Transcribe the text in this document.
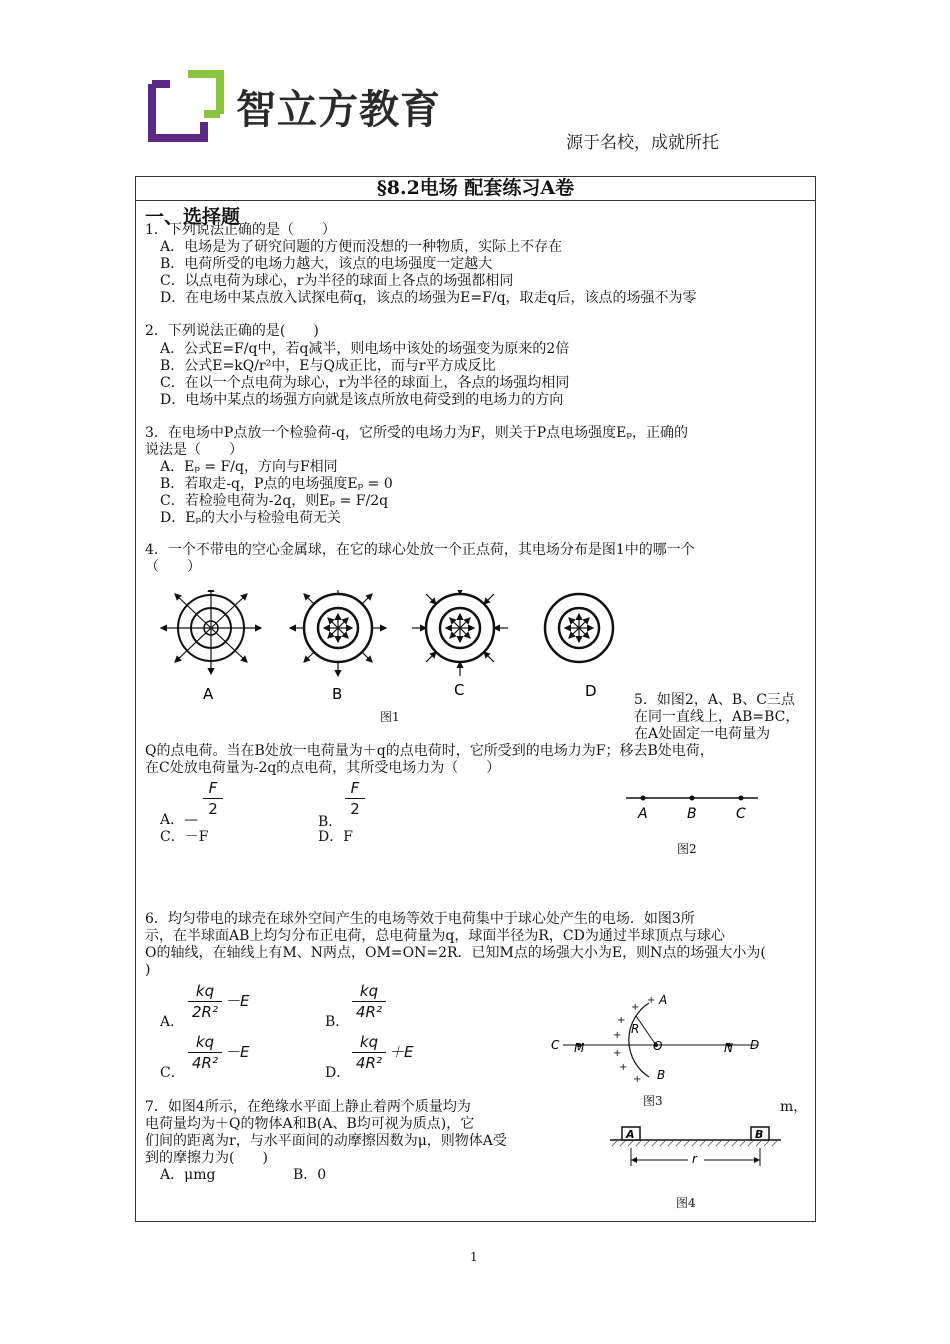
智立方教育
源于名校，成就所托
§8.2电场 配套练习A卷
一、选择题
1．下列说法正确的是（　　）
A．电场是为了研究问题的方便而没想的一种物质，实际上不存在
B．电荷所受的电场力越大，该点的电场强度一定越大
C．以点电荷为球心，r为半径的球面上各点的场强都相同
D．在电场中某点放入试探电荷q，该点的场强为E=F/q，取走q后，该点的场强不为零
2．下列说法正确的是(　　)
A．公式E=F/q中，若q减半，则电场中该处的场强变为原来的2倍
B．公式E=kQ/r²中，E与Q成正比，而与r平方成反比
C．在以一个点电荷为球心，r为半径的球面上，各点的场强均相同
D．电场中某点的场强方向就是该点所放电荷受到的电场力的方向
3．在电场中P点放一个检验荷-q，它所受的电场力为F，则关于P点电场强度Eₚ，正确的
说法是（　　）
A．Eₚ = F/q，方向与F相同
B．若取走-q，P点的电场强度Eₚ = 0
C．若检验电荷为-2q，则Eₚ = F/2q
D．Eₚ的大小与检验电荷无关
4．一个不带电的空心金属球，在它的球心处放一个正点荷，其电场分布是图1中的哪一个
（　　）
A	B	C	D
图1
5．如图2，A、B、C三点
在同一直线上，AB=BC，
在A处固定一电荷量为
Q的点电荷。当在B处放一电荷量为＋q的点电荷时，它所受到的电场力为F；移去B处电荷，
在C处放电荷量为-2q的点电荷，其所受电场力为（　　）
A．—
F
2
B．
F
2
C．－F	D．F
A	B	C
图2
6．均匀带电的球壳在球外空间产生的电场等效于电荷集中于球心处产生的电场．如图3所
示，在半球面AB上均匀分布正电荷，总电荷量为q，球面半径为R，CD为通过半球顶点与球心
O的轴线，在轴线上有M、N两点，OM=ON=2R．已知M点的场强大小为E，则N点的场强大小为(
)
A．
kq
2R²
－E
B．
kq
4R²
C．
kq
4R²
－E
D．
kq
4R²
＋E
+
+
+
+
+
+
+
A
R
C M	O	N D
B
图3
7．如图4所示，在绝缘水平面上静止着两个质量均为	m，
电荷量均为＋Q的物体A和B(A、B均可视为质点)，它
们间的距离为r，与水平面间的动摩擦因数为μ，则物体A受
到的摩擦力为(　　)
A．μmg	B．0
A	B
r
图4
1
